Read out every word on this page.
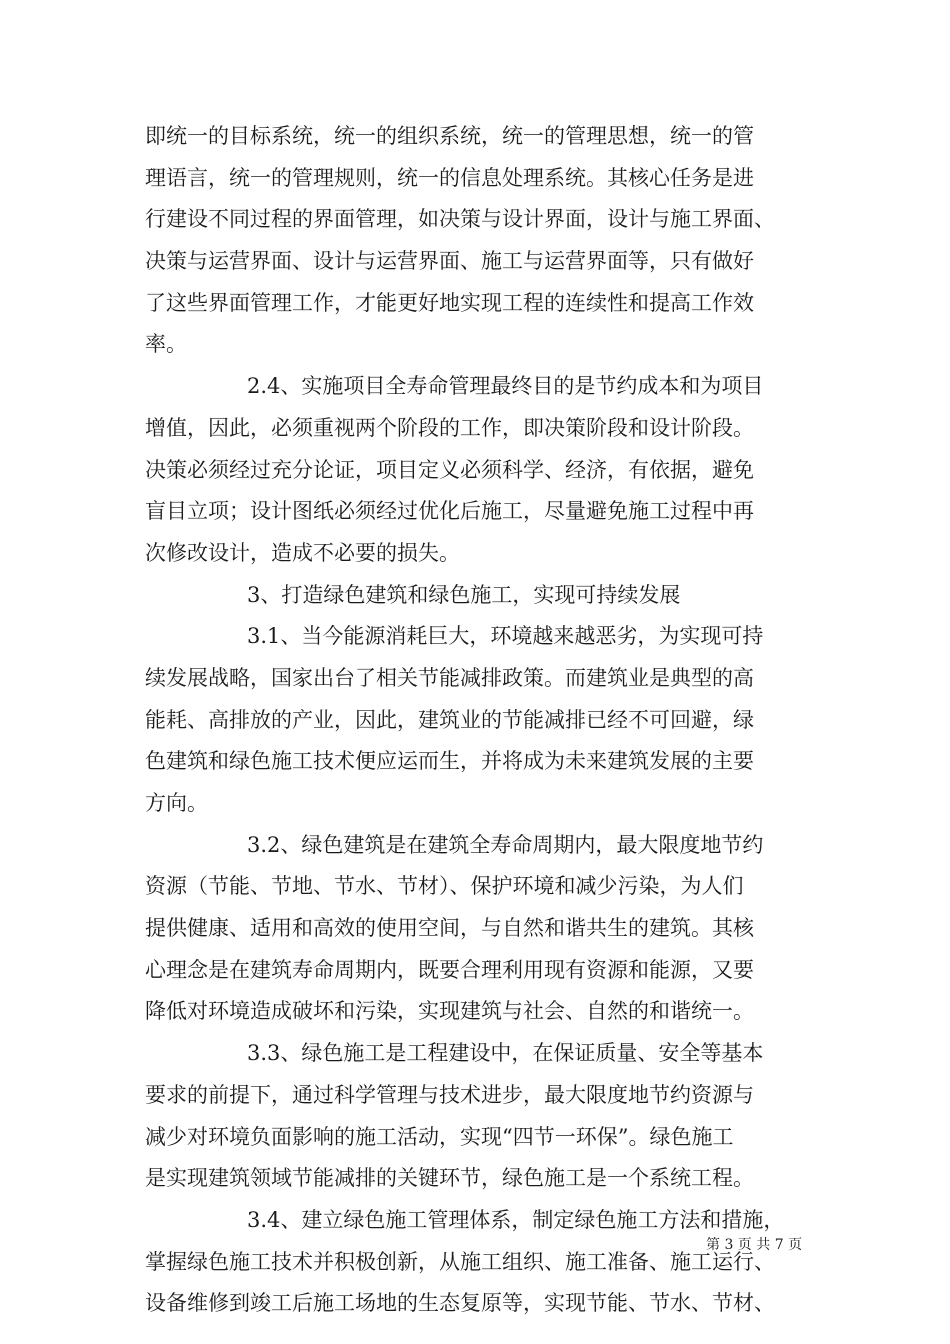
即统一的目标系统，统一的组织系统，统一的管理思想，统一的管
理语言，统一的管理规则，统一的信息处理系统。其核心任务是进
行建设不同过程的界面管理，如决策与设计界面，设计与施工界面、
决策与运营界面、设计与运营界面、施工与运营界面等，只有做好
了这些界面管理工作，才能更好地实现工程的连续性和提高工作效
率。
2.4、实施项目全寿命管理最终目的是节约成本和为项目
增值，因此，必须重视两个阶段的工作，即决策阶段和设计阶段。
决策必须经过充分论证，项目定义必须科学、经济，有依据，避免
盲目立项；设计图纸必须经过优化后施工，尽量避免施工过程中再
次修改设计，造成不必要的损失。
3、打造绿色建筑和绿色施工，实现可持续发展
3.1、当今能源消耗巨大，环境越来越恶劣，为实现可持
续发展战略，国家出台了相关节能减排政策。而建筑业是典型的高
能耗、高排放的产业，因此，建筑业的节能减排已经不可回避，绿
色建筑和绿色施工技术便应运而生，并将成为未来建筑发展的主要
方向。
3.2、绿色建筑是在建筑全寿命周期内，最大限度地节约
资源（节能、节地、节水、节材）、保护环境和减少污染，为人们
提供健康、适用和高效的使用空间，与自然和谐共生的建筑。其核
心理念是在建筑寿命周期内，既要合理利用现有资源和能源，又要
降低对环境造成破坏和污染，实现建筑与社会、自然的和谐统一。
3.3、绿色施工是工程建设中，在保证质量、安全等基本
要求的前提下，通过科学管理与技术进步，最大限度地节约资源与
减少对环境负面影响的施工活动，实现“四节一环保”。绿色施工
是实现建筑领域节能减排的关键环节，绿色施工是一个系统工程。
3.4、建立绿色施工管理体系，制定绿色施工方法和措施，
掌握绿色施工技术并积极创新，从施工组织、施工准备、施工运行、
设备维修到竣工后施工场地的生态复原等，实现节能、节水、节材、
第 3 页 共 7 页
